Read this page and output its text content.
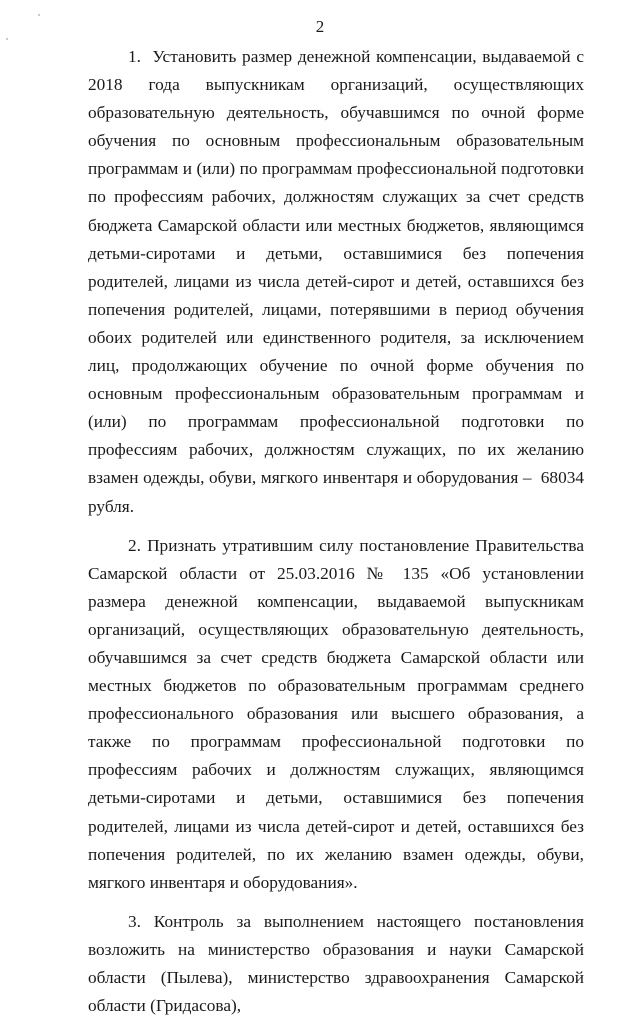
2

1.  Установить размер денежной компенсации, выдаваемой с 2018 года выпускникам организаций, осуществляющих образовательную деятельность, обучавшимся по очной форме обучения по основным профессиональным образовательным программам и (или) по программам профессиональной подготовки по профессиям рабочих, должностям служащих за счет средств бюджета Самарской области или местных бюджетов, являющимся детьми-сиротами и детьми, оставшимися без попечения родителей, лицами из числа детей-сирот и детей, оставшихся без попечения родителей, лицами, потерявшими в период обучения обоих родителей или единственного родителя, за исключением лиц, продолжающих обучение по очной форме обучения по основным профессиональным образовательным программам и (или) по программам профессиональной подготовки по профессиям рабочих, должностям служащих, по их желанию взамен одежды, обуви, мягкого инвентаря и оборудования –  68034 рубля.

2. Признать утратившим силу постановление Правительства Самарской области от 25.03.2016 № 135 «Об установлении размера денежной компенсации, выдаваемой выпускникам организаций, осуществляющих образовательную деятельность, обучавшимся за счет средств бюджета Самарской области или местных бюджетов по образовательным программам среднего профессионального образования или высшего образования, а также по программам профессиональной подготовки по профессиям рабочих и должностям служащих, являющимся детьми-сиротами и детьми, оставшимися без попечения родителей, лицами из числа детей-сирот и детей, оставшихся без попечения родителей, по их желанию взамен одежды, обуви, мягкого инвентаря и оборудования».

3. Контроль за выполнением настоящего постановления возложить на министерство образования и науки Самарской области (Пылева), министерство здравоохранения Самарской области (Гридасова),
